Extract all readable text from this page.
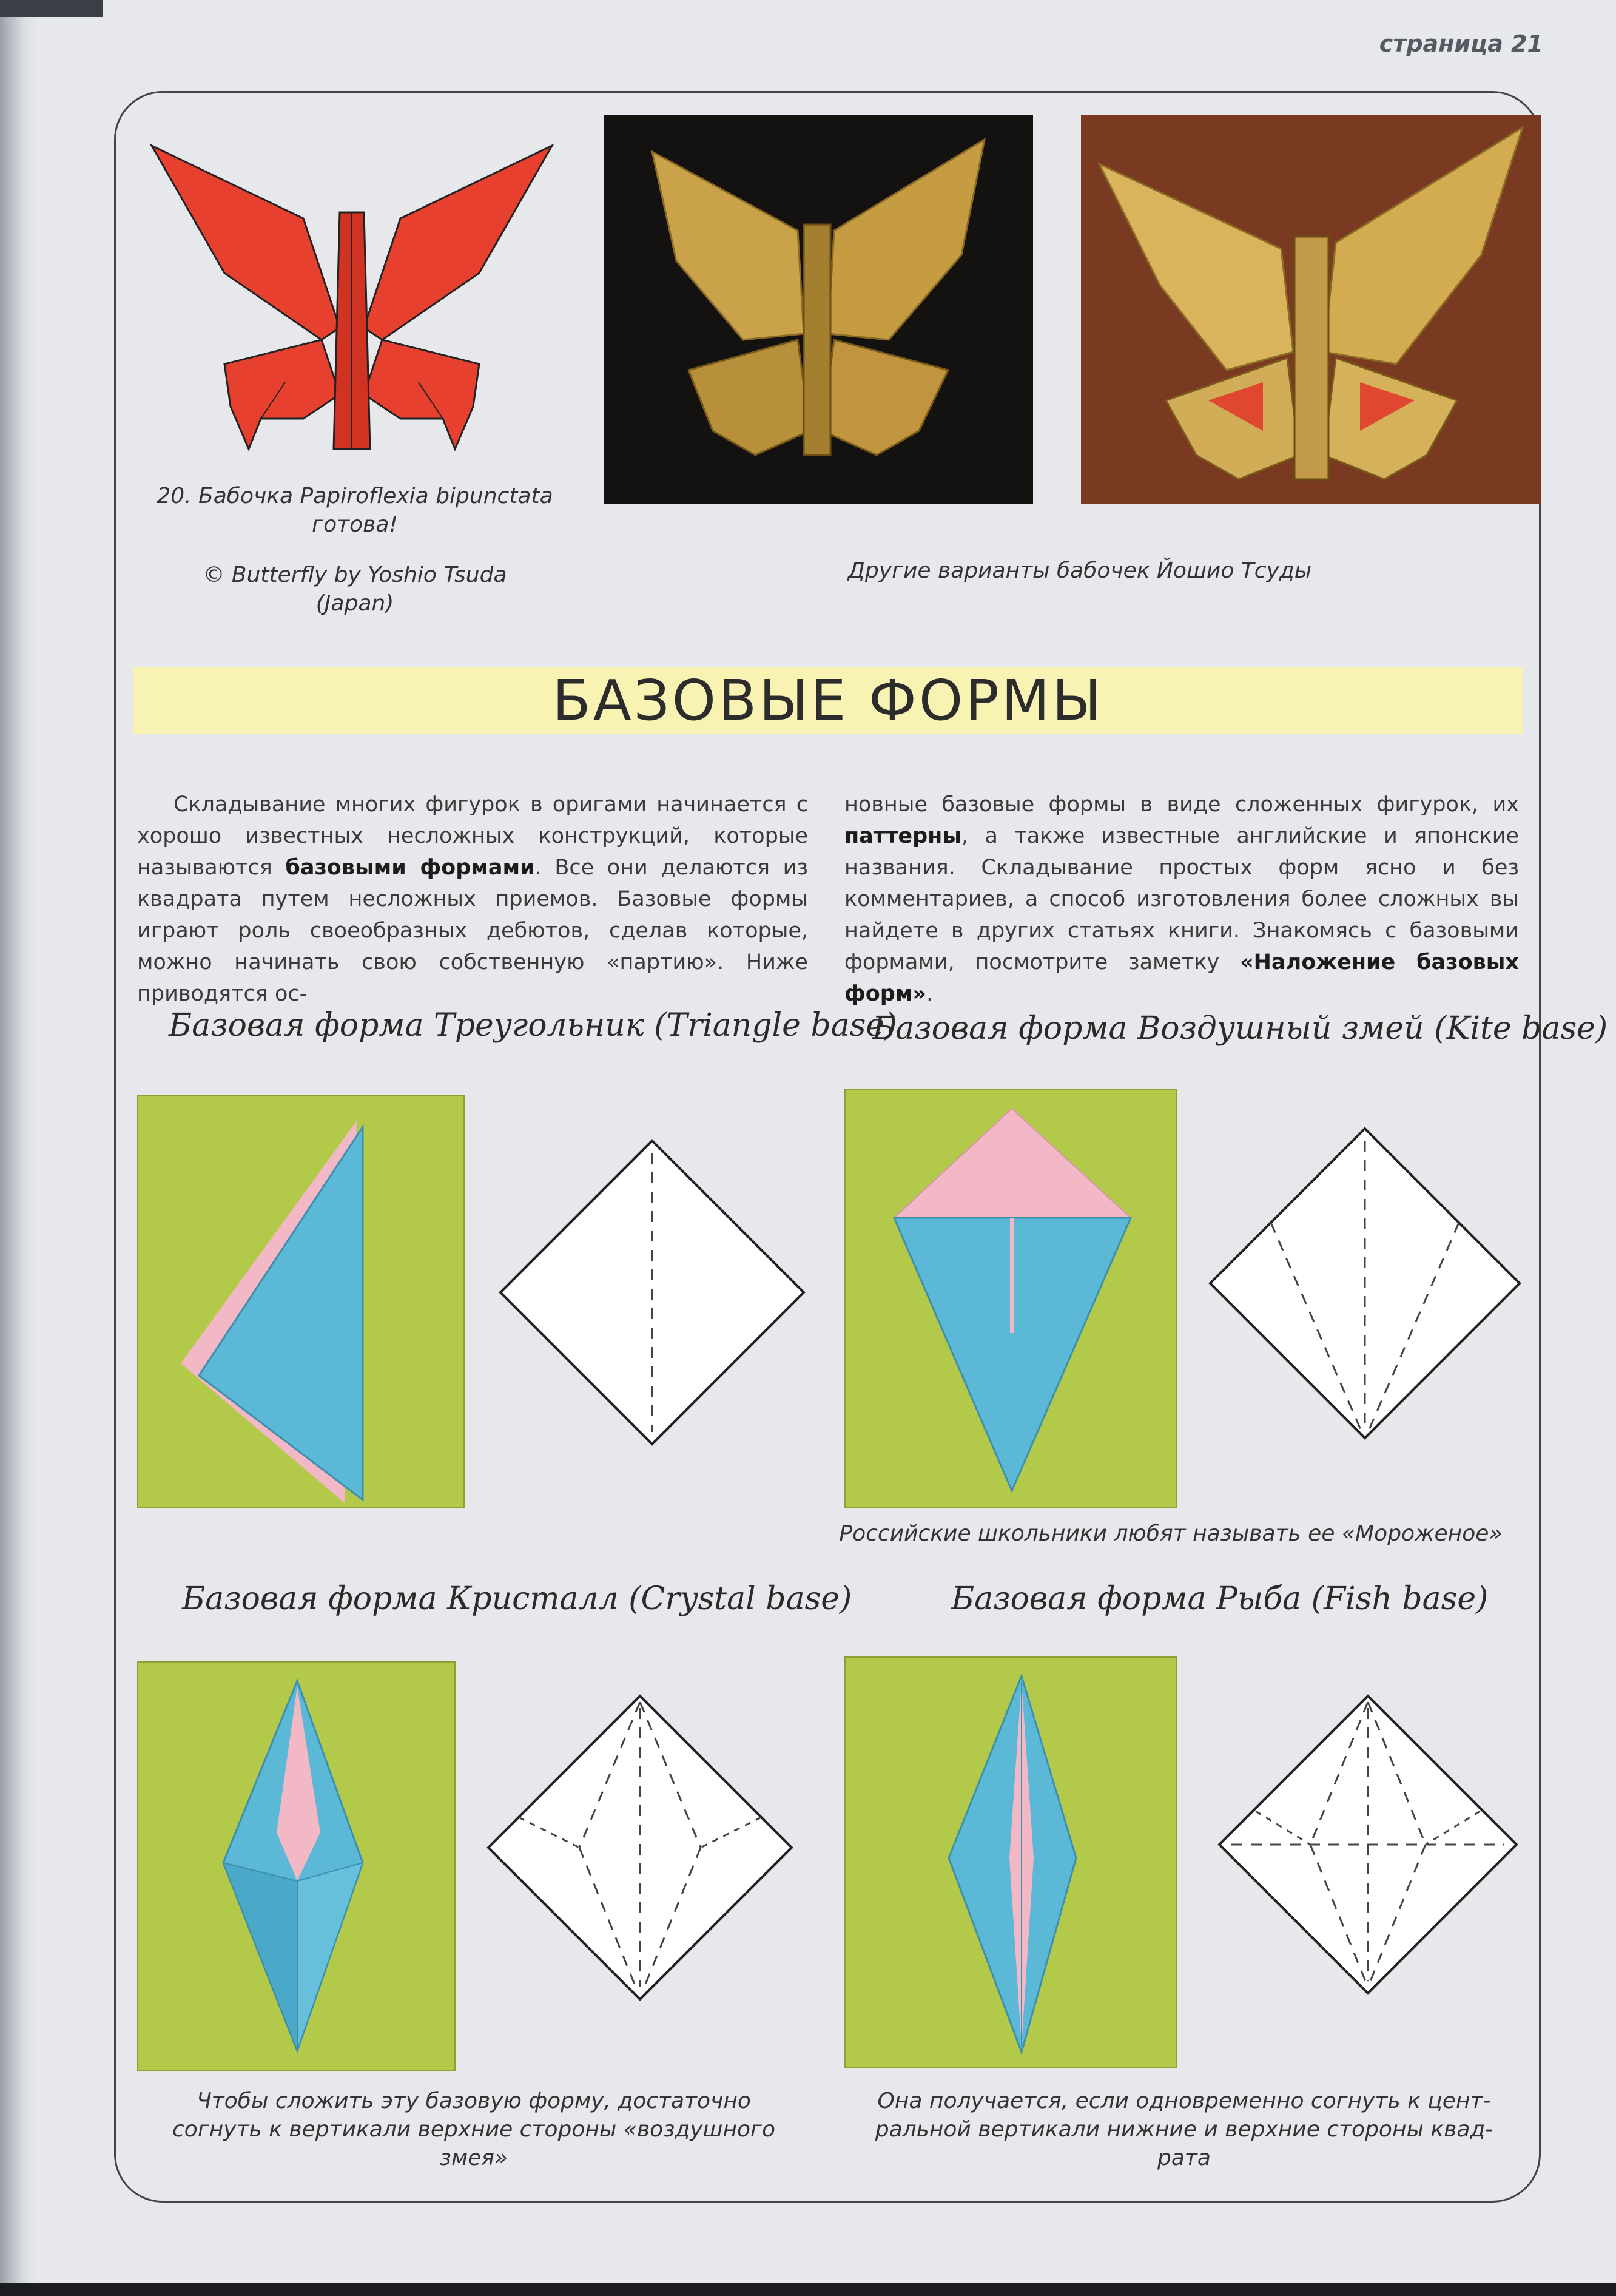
страница 21
20. Бабочка Papiroflexia bipunctata
готова!
© Butterfly by Yoshio Tsuda
(Japan)
Другие варианты бабочек Йошио Тсуды
БАЗОВЫЕ ФОРМЫ
Складывание многих фигурок в оригами начинается с хорошо известных несложных конструкций, которые называются базовыми формами. Все они делаются из квадрата путем несложных приемов. Базовые формы играют роль своеобразных дебютов, сделав которые, можно начинать свою собственную «партию». Ниже приводятся ос-
новные базовые формы в виде сложенных фигурок, их паттерны, а также известные английские и японские названия. Складывание простых форм ясно и без комментариев, а способ изготовления более сложных вы найдете в других статьях книги. Знакомясь с базовыми формами, посмотрите заметку «Наложение базовых форм».
Базовая форма Треугольник (Triangle base)
Базовая форма Воздушный змей (Kite base)
Российские школьники любят называть ее «Мороженое»
Базовая форма Кристалл (Crystal base)
Чтобы сложить эту базовую форму, достаточно
согнуть к вертикали верхние стороны «воздушного
змея»
Базовая форма Рыба (Fish base)
Она получается, если одновременно согнуть к цент-
ральной вертикали нижние и верхние стороны квад-
рата
